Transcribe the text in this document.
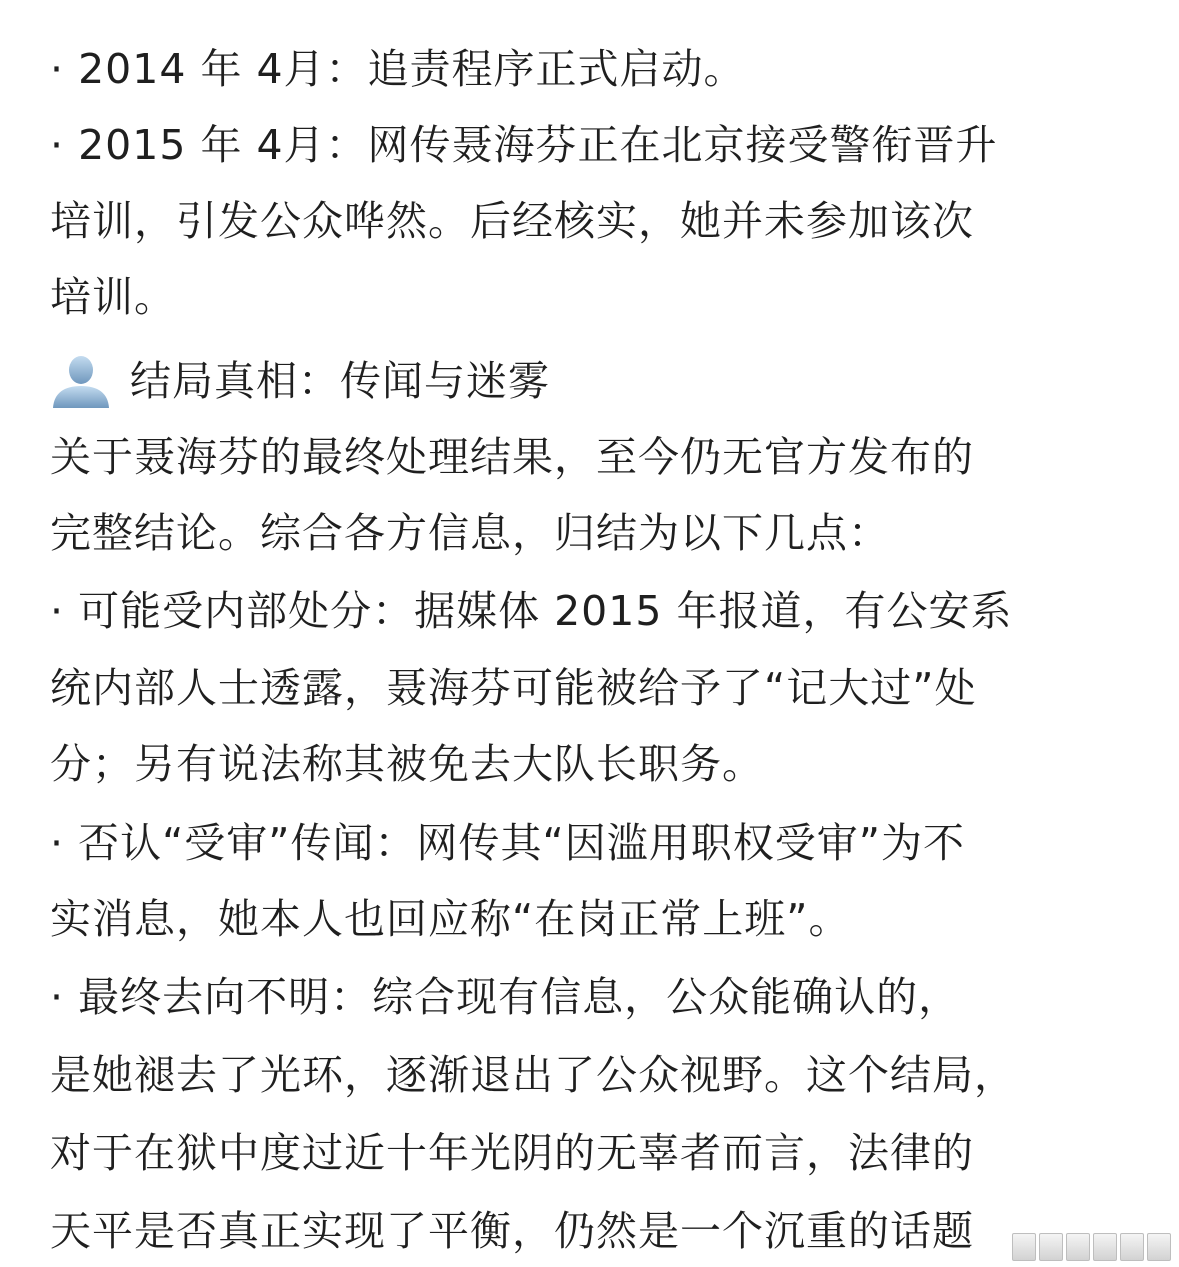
· 2014 年 4月：追责程序正式启动。

· 2015 年 4月：网传聂海芬正在北京接受警衔晋升

培训，引发公众哗然。后经核实，她并未参加该次

培训。

结局真相：传闻与迷雾

关于聂海芬的最终处理结果，至今仍无官方发布的

完整结论。综合各方信息，归结为以下几点：

· 可能受内部处分：据媒体 2015 年报道，有公安系

统内部人士透露，聂海芬可能被给予了“记大过”处

分；另有说法称其被免去大队长职务。

· 否认“受审”传闻：网传其“因滥用职权受审”为不

实消息，她本人也回应称“在岗正常上班”。

· 最终去向不明：综合现有信息，公众能确认的，

是她褪去了光环，逐渐退出了公众视野。这个结局，

对于在狱中度过近十年光阴的无辜者而言，法律的

天平是否真正实现了平衡，仍然是一个沉重的话题
